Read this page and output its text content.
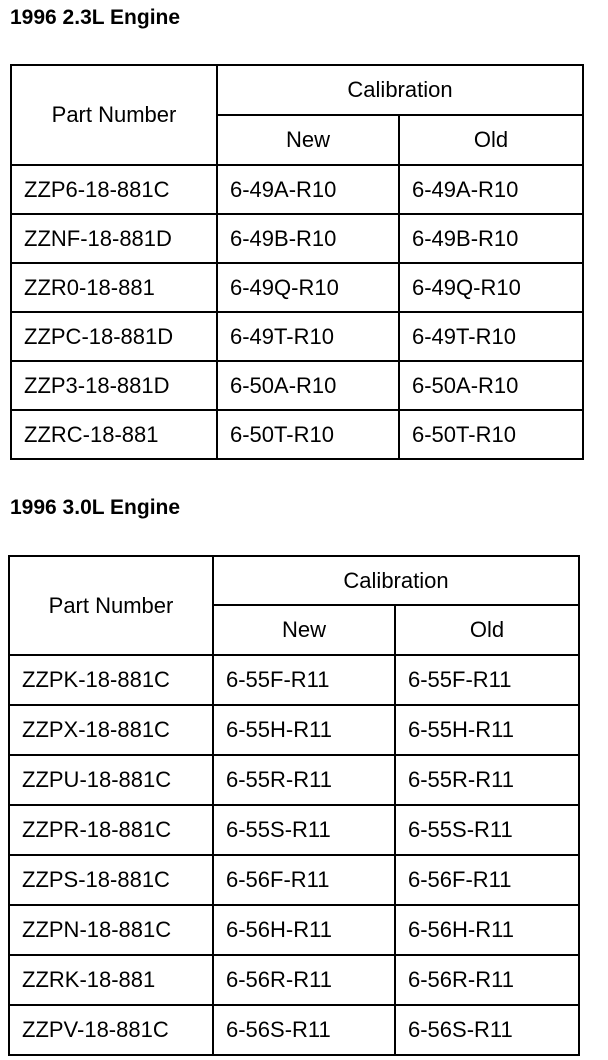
1996 2.3L Engine
Part Number	Calibration	
	New	Old
ZZP6-18-881C	6-49A-R10	6-49A-R10
ZZNF-18-881D	6-49B-R10	6-49B-R10
ZZR0-18-881	6-49Q-R10	6-49Q-R10
ZZPC-18-881D	6-49T-R10	6-49T-R10
ZZP3-18-881D	6-50A-R10	6-50A-R10
ZZRC-18-881	6-50T-R10	6-50T-R10
1996 3.0L Engine
Part Number	Calibration	
	New	Old
ZZPK-18-881C	6-55F-R11	6-55F-R11
ZZPX-18-881C	6-55H-R11	6-55H-R11
ZZPU-18-881C	6-55R-R11	6-55R-R11
ZZPR-18-881C	6-55S-R11	6-55S-R11
ZZPS-18-881C	6-56F-R11	6-56F-R11
ZZPN-18-881C	6-56H-R11	6-56H-R11
ZZRK-18-881	6-56R-R11	6-56R-R11
ZZPV-18-881C	6-56S-R11	6-56S-R11
